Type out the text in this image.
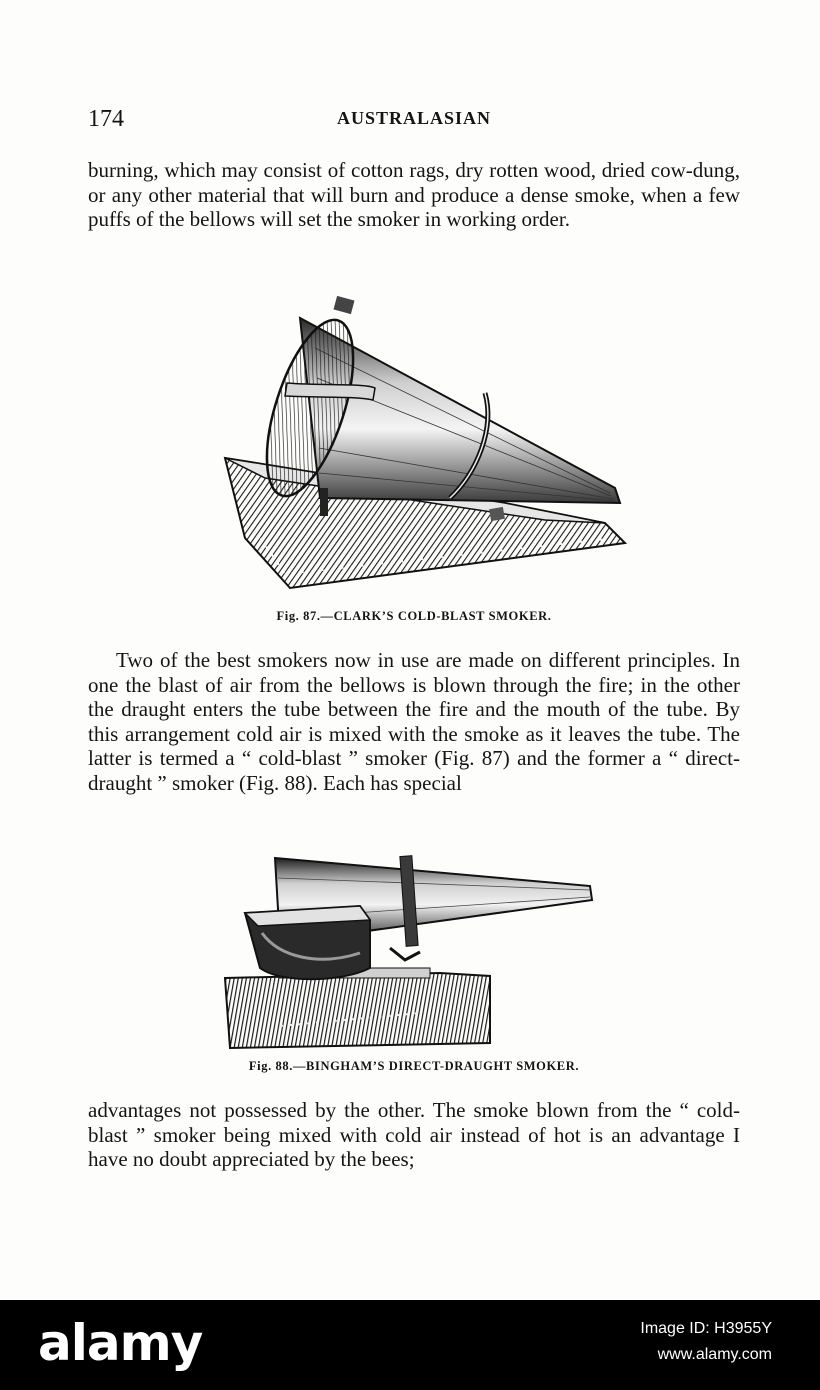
174	AUSTRALASIAN

burning, which may consist of cotton rags, dry rotten wood, dried cow-dung, or any other material that will burn and produce a dense smoke, when a few puffs of the bellows will set the smoker in working order.

Fig. 87.—CLARK’S COLD-BLAST SMOKER.

Two of the best smokers now in use are made on different principles. In one the blast of air from the bellows is blown through the fire; in the other the draught enters the tube between the fire and the mouth of the tube. By this arrangement cold air is mixed with the smoke as it leaves the tube. The latter is termed a “ cold-blast ” smoker (Fig. 87) and the former a “ direct-draught ” smoker (Fig. 88). Each has special

Fig. 88.—BINGHAM’S DIRECT-DRAUGHT SMOKER.

advantages not possessed by the other. The smoke blown from the “ cold-blast ” smoker being mixed with cold air instead of hot is an advantage I have no doubt appreciated by the bees;

alamy	Image ID: H3955Y
www.alamy.com
